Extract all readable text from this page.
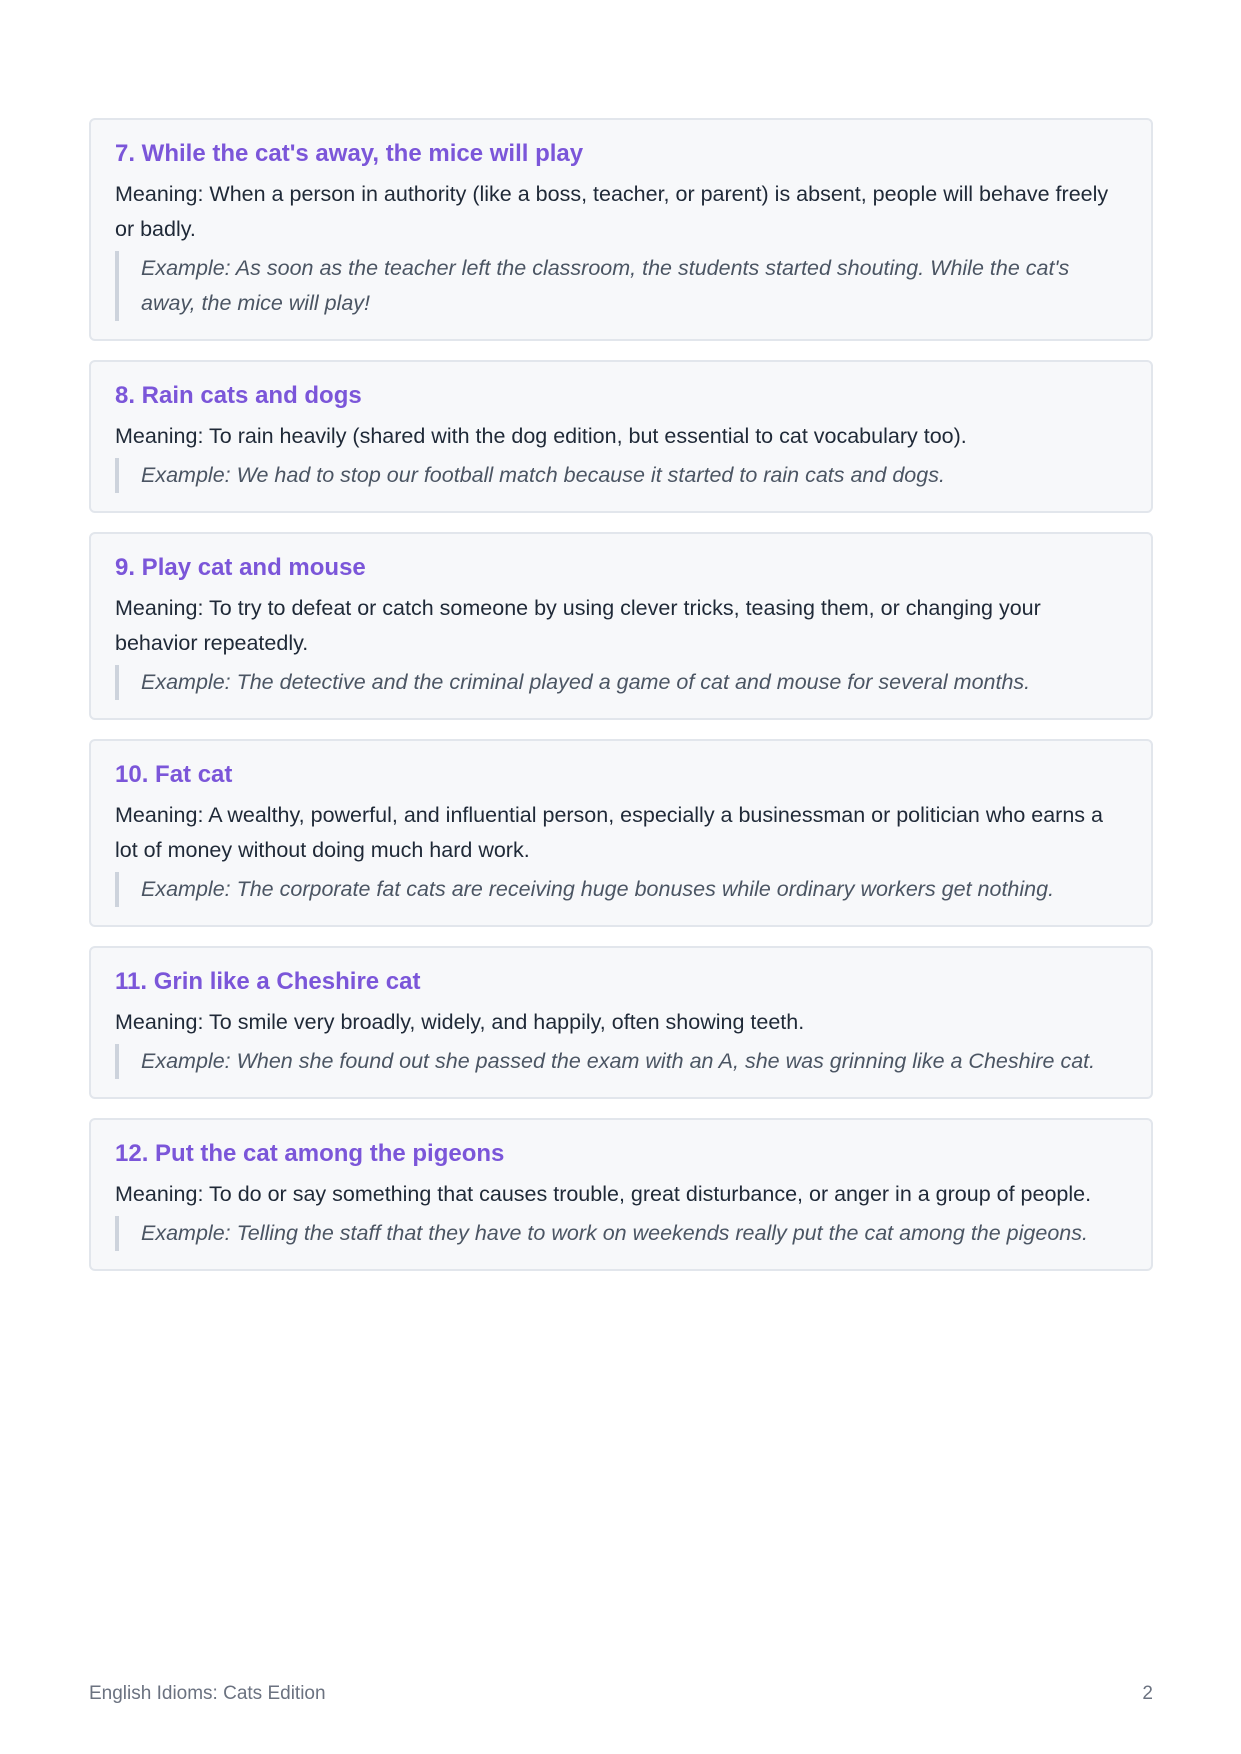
7. While the cat's away, the mice will play
Meaning: When a person in authority (like a boss, teacher, or parent) is absent, people will behave freely or badly.
Example: As soon as the teacher left the classroom, the students started shouting. While the cat's away, the mice will play!
8. Rain cats and dogs
Meaning: To rain heavily (shared with the dog edition, but essential to cat vocabulary too).
Example: We had to stop our football match because it started to rain cats and dogs.
9. Play cat and mouse
Meaning: To try to defeat or catch someone by using clever tricks, teasing them, or changing your behavior repeatedly.
Example: The detective and the criminal played a game of cat and mouse for several months.
10. Fat cat
Meaning: A wealthy, powerful, and influential person, especially a businessman or politician who earns a lot of money without doing much hard work.
Example: The corporate fat cats are receiving huge bonuses while ordinary workers get nothing.
11. Grin like a Cheshire cat
Meaning: To smile very broadly, widely, and happily, often showing teeth.
Example: When she found out she passed the exam with an A, she was grinning like a Cheshire cat.
12. Put the cat among the pigeons
Meaning: To do or say something that causes trouble, great disturbance, or anger in a group of people.
Example: Telling the staff that they have to work on weekends really put the cat among the pigeons.
English Idioms: Cats Edition	2
